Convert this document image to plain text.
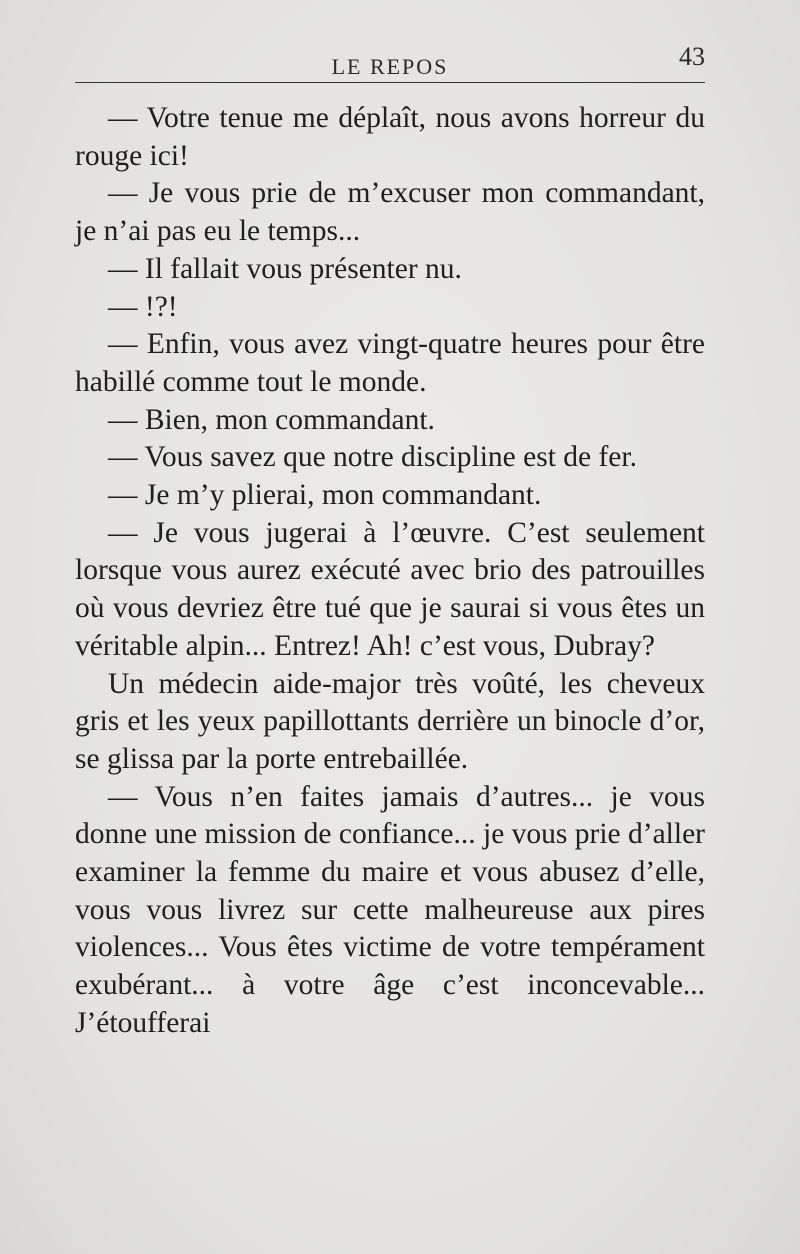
LE REPOS	43

— Votre tenue me déplaît, nous avons horreur du rouge ici!

— Je vous prie de m’excuser mon commandant, je n’ai pas eu le temps...

— Il fallait vous présenter nu.

— !?!

— Enfin, vous avez vingt-quatre heures pour être habillé comme tout le monde.

— Bien, mon commandant.

— Vous savez que notre discipline est de fer.

— Je m’y plierai, mon commandant.

— Je vous jugerai à l’œuvre. C’est seulement lorsque vous aurez exécuté avec brio des patrouilles où vous devriez être tué que je saurai si vous êtes un véritable alpin... Entrez! Ah! c’est vous, Dubray?

Un médecin aide-major très voûté, les cheveux gris et les yeux papillottants derrière un binocle d’or, se glissa par la porte entrebaillée.

— Vous n’en faites jamais d’autres... je vous donne une mission de confiance... je vous prie d’aller examiner la femme du maire et vous abusez d’elle, vous vous livrez sur cette malheureuse aux pires violences... Vous êtes victime de votre tempérament exubérant... à votre âge c’est inconcevable... J’étoufferai
